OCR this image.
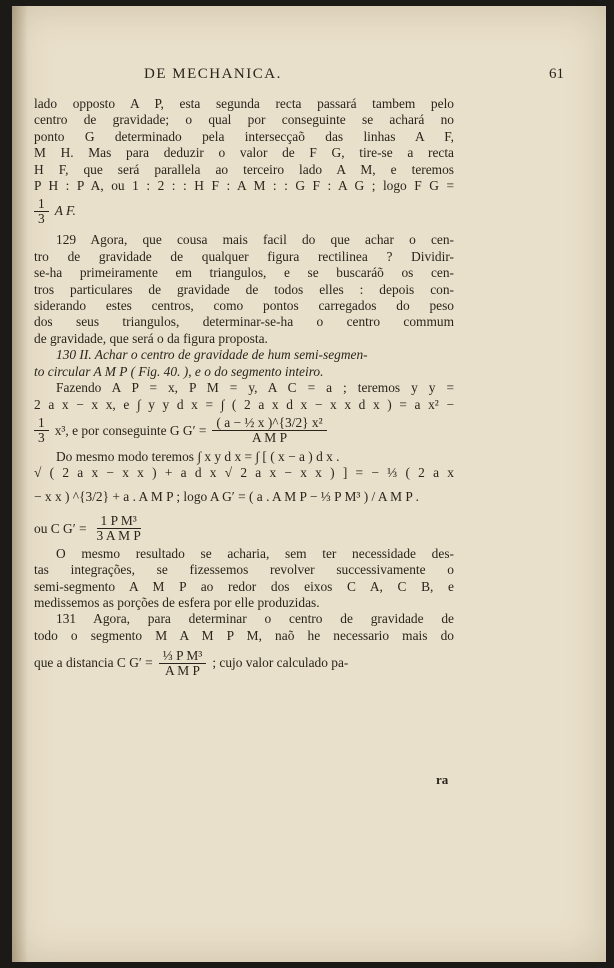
DE MECHANICA.	61
lado opposto A P, esta segunda recta passará tambem pelo
centro de gravidade; o qual por conseguinte se achará no
ponto G determinado pela intersecçaõ das linhas A F,
M H. Mas para deduzir o valor de F G, tire-se a recta
H F, que será parallela ao terceiro lado A M, e teremos
P H : P A, ou 1 : 2 : : H F : A M : : G F : A G ; logo F G =
$\frac{1}{3}$ A F.
129 Agora, que cousa mais facil do que achar o cen-
tro de gravidade de qualquer figura rectilinea ? Dividir-
se-ha primeiramente em triangulos, e se buscaráõ os cen-
tros particulares de gravidade de todos elles : depois con-
siderando estes centros, como pontos carregados do peso
dos seus triangulos, determinar-se-ha o centro commum
de gravidade, que será o da figura proposta.
130 II. Achar o centro de gravidade de hum semi-segmen-
to circular A M P ( Fig. 40. ), e o do segmento inteiro.
Fazendo A P = x, P M = y, A C = a ; teremos y y =
2 a x − x x, e ∫ y y d x = ∫ ( 2 a x d x − x x d x ) = a x² −
$\frac{1}{3} x^3$, e por conseguinte G $G' = \frac{\text{( a − ½ x )\textasciicircum{}\{3/2\} x²}}{\text{A M P}}$
Do mesmo modo teremos ∫ x y d x = ∫ [ ( x − a ) d x .
√ ( 2 a x − x x ) + a d x √ 2 a x − x x ) ] = − ⅓ ( 2 a x
− x x ) ^{3/2} + a . A M P ; logo A G′ = ( a . A M P − ⅓ P M³ ) / A M P .
ou C $G' = \frac{\text{1 P M³}}{\text{3 A M P}}$
O mesmo resultado se acharia, sem ter necessidade des-
tas integrações, se fizessemos revolver successivamente o
semi-segmento A M P ao redor dos eixos C A, C B, e
medissemos as porções de esfera por elle produzidas.
131 Agora, para determinar o centro de gravidade de
todo o segmento M A M P M, naõ he necessario mais do
que a distancia C $G' = \frac{\text{⅓ P M³}}{\text{A M P}}$ ; cujo valor calculado pa-
ra
